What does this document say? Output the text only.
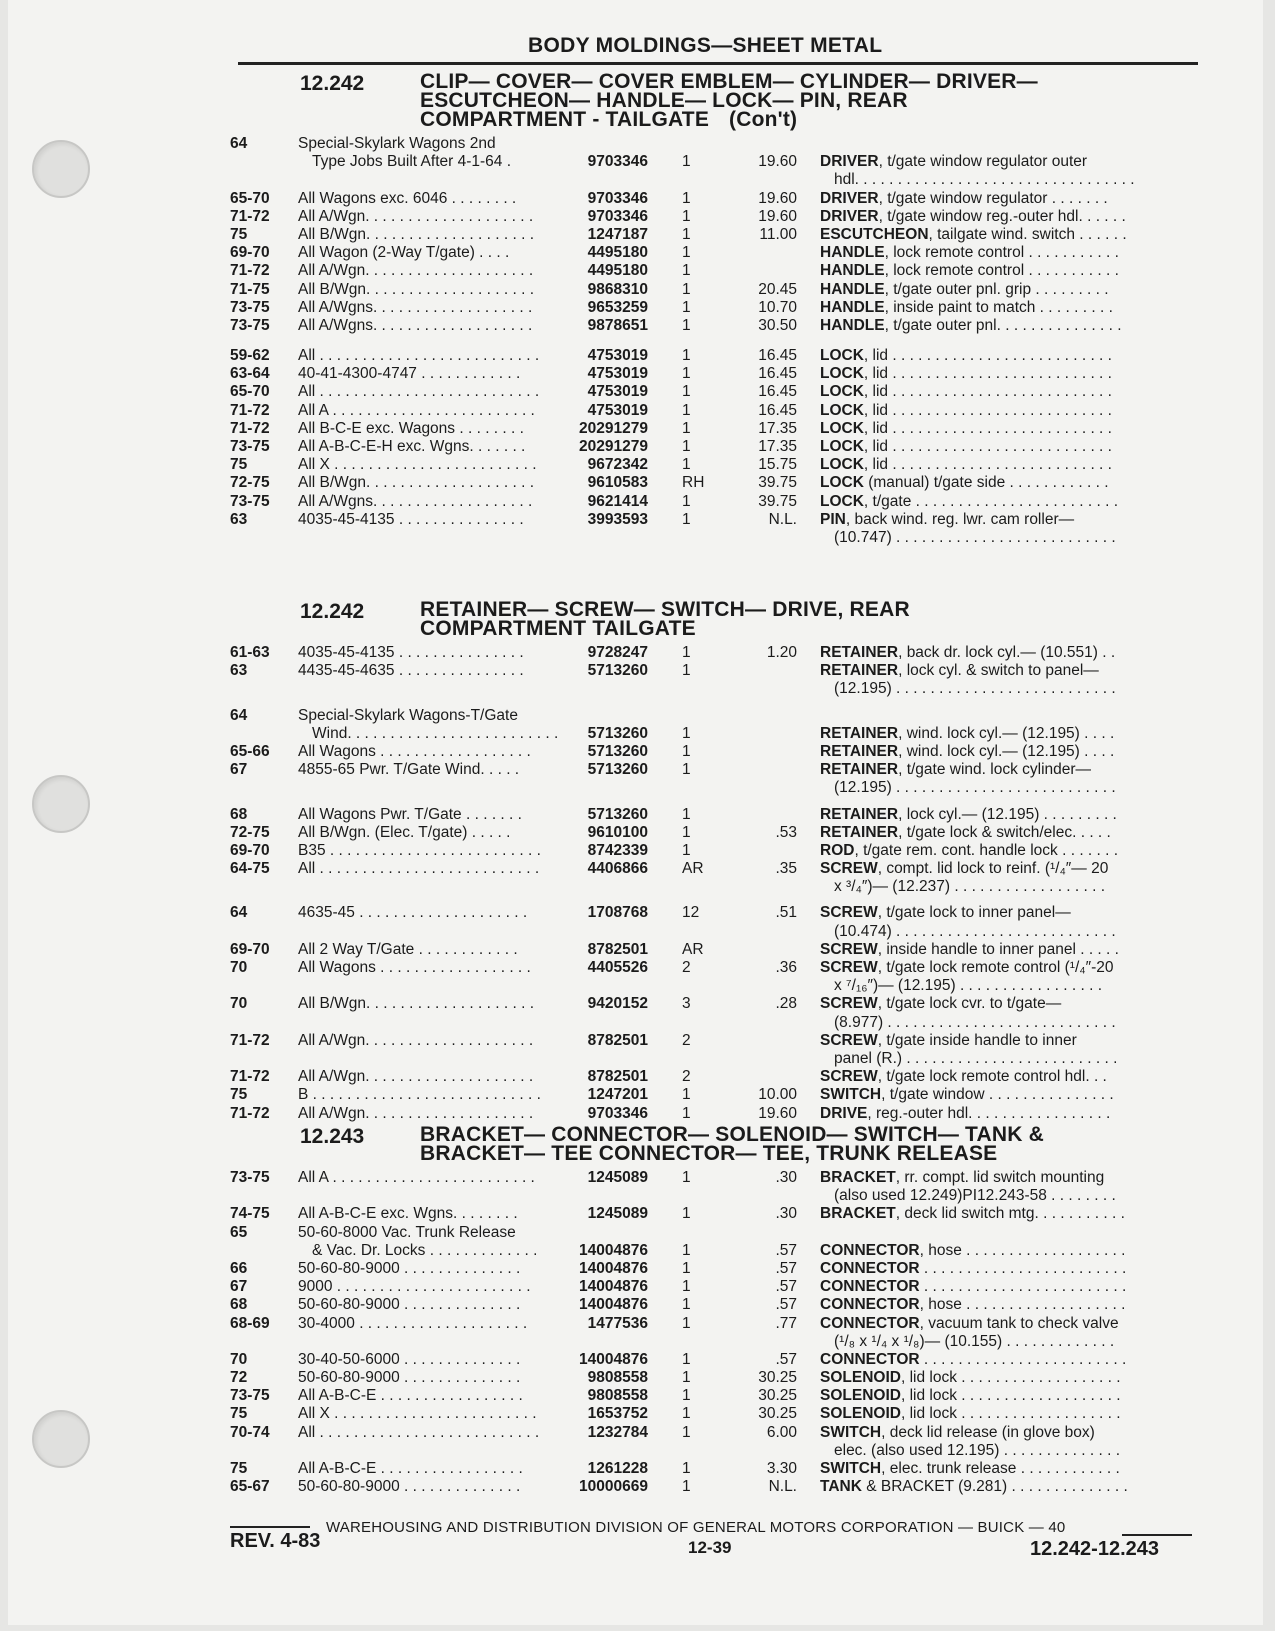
BODY MOLDINGS—SHEET METAL
12.242	CLIP— COVER— COVER EMBLEM— CYLINDER— DRIVER—
ESCUTCHEON— HANDLE— LOCK— PIN, REAR
COMPARTMENT - TAILGATE (Con't)
64	Special-Skylark Wagons 2nd
Type Jobs Built After 4-1-64 .	9703346 1	19.60 DRIVER, t/gate window regulator outer
hdl. . . . . . . . . . . . . . . . . . . . . . . . . . . . . . . . .
65-70 All Wagons exc. 6046 . . . . . . . .	9703346 1	19.60 DRIVER, t/gate window regulator . . . . . . .
71-72 All A/Wgn. . . . . . . . . . . . . . . . . . . .	9703346 1	19.60 DRIVER, t/gate window reg.-outer hdl. . . . . .
75	All B/Wgn. . . . . . . . . . . . . . . . . . . .	1247187 1	11.00 ESCUTCHEON, tailgate wind. switch . . . . . .
69-70 All Wagon (2-Way T/gate) . . . .	4495180 1	HANDLE, lock remote control . . . . . . . . . . .
71-72 All A/Wgn. . . . . . . . . . . . . . . . . . . .	4495180 1	HANDLE, lock remote control . . . . . . . . . . .
71-75 All B/Wgn. . . . . . . . . . . . . . . . . . . .	9868310 1	20.45 HANDLE, t/gate outer pnl. grip . . . . . . . . .
73-75 All A/Wgns. . . . . . . . . . . . . . . . . . .	9653259 1	10.70 HANDLE, inside paint to match . . . . . . . . .
73-75 All A/Wgns. . . . . . . . . . . . . . . . . . .	9878651 1	30.50 HANDLE, t/gate outer pnl. . . . . . . . . . . . . . .
59-62 All . . . . . . . . . . . . . . . . . . . . . . . . . .	4753019 1	16.45 LOCK, lid . . . . . . . . . . . . . . . . . . . . . . . . . .
63-64 40-41-4300-4747 . . . . . . . . . . . .	4753019 1	16.45 LOCK, lid . . . . . . . . . . . . . . . . . . . . . . . . . .
65-70 All . . . . . . . . . . . . . . . . . . . . . . . . . .	4753019 1	16.45 LOCK, lid . . . . . . . . . . . . . . . . . . . . . . . . . .
71-72 All A . . . . . . . . . . . . . . . . . . . . . . . .	4753019 1	16.45 LOCK, lid . . . . . . . . . . . . . . . . . . . . . . . . . .
71-72 All B-C-E exc. Wagons . . . . . . . .	20291279 1	17.35 LOCK, lid . . . . . . . . . . . . . . . . . . . . . . . . . .
73-75 All A-B-C-E-H exc. Wgns. . . . . . .	20291279 1	17.35 LOCK, lid . . . . . . . . . . . . . . . . . . . . . . . . . .
75	All X . . . . . . . . . . . . . . . . . . . . . . . .	9672342 1	15.75 LOCK, lid . . . . . . . . . . . . . . . . . . . . . . . . . .
72-75 All B/Wgn. . . . . . . . . . . . . . . . . . . .	9610583 RH	39.75 LOCK (manual) t/gate side . . . . . . . . . . . .
73-75 All A/Wgns. . . . . . . . . . . . . . . . . . .	9621414 1	39.75 LOCK, t/gate . . . . . . . . . . . . . . . . . . . . . . . .
63	4035-45-4135 . . . . . . . . . . . . . . .	3993593 1	N.L. PIN, back wind. reg. lwr. cam roller—
(10.747) . . . . . . . . . . . . . . . . . . . . . . . . . .
12.242	RETAINER— SCREW— SWITCH— DRIVE, REAR
COMPARTMENT TAILGATE
61-63 4035-45-4135 . . . . . . . . . . . . . . .	9728247 1	1.20 RETAINER, back dr. lock cyl.— (10.551) . .
63	4435-45-4635 . . . . . . . . . . . . . . .	5713260 1	RETAINER, lock cyl. & switch to panel—
(12.195) . . . . . . . . . . . . . . . . . . . . . . . . . .
64	Special-Skylark Wagons-T/Gate
Wind. . . . . . . . . . . . . . . . . . . . . . . . .	5713260 1	RETAINER, wind. lock cyl.— (12.195) . . . .
65-66 All Wagons . . . . . . . . . . . . . . . . . .	5713260 1	RETAINER, wind. lock cyl.— (12.195) . . . .
67	4855-65 Pwr. T/Gate Wind. . . . .	5713260 1	RETAINER, t/gate wind. lock cylinder—
(12.195) . . . . . . . . . . . . . . . . . . . . . . . . . .
68	All Wagons Pwr. T/Gate . . . . . . .	5713260 1	RETAINER, lock cyl.— (12.195) . . . . . . . . .
72-75 All B/Wgn. (Elec. T/gate) . . . . .	9610100 1	.53 RETAINER, t/gate lock & switch/elec. . . . .
69-70 B35 . . . . . . . . . . . . . . . . . . . . . . . . .	8742339 1	ROD, t/gate rem. cont. handle lock . . . . . . .
64-75 All . . . . . . . . . . . . . . . . . . . . . . . . . .	4406866 AR	.35 SCREW, compt. lid lock to reinf. (¹/₄″— 20
x ³/₄″)— (12.237) . . . . . . . . . . . . . . . . . .
64	4635-45 . . . . . . . . . . . . . . . . . . . .	1708768 12	.51 SCREW, t/gate lock to inner panel—
(10.474) . . . . . . . . . . . . . . . . . . . . . . . . . .
69-70 All 2 Way T/Gate . . . . . . . . . . . .	8782501 AR	SCREW, inside handle to inner panel . . . . .
70	All Wagons . . . . . . . . . . . . . . . . . .	4405526 2	.36 SCREW, t/gate lock remote control (¹/₄″-20
x ⁷/₁₆″)— (12.195) . . . . . . . . . . . . . . . . .
70	All B/Wgn. . . . . . . . . . . . . . . . . . . .	9420152 3	.28 SCREW, t/gate lock cvr. to t/gate—
(8.977) . . . . . . . . . . . . . . . . . . . . . . . . . . .
71-72 All A/Wgn. . . . . . . . . . . . . . . . . . . .	8782501 2	SCREW, t/gate inside handle to inner
panel (R.) . . . . . . . . . . . . . . . . . . . . . . . . .
71-72 All A/Wgn. . . . . . . . . . . . . . . . . . . .	8782501 2	SCREW, t/gate lock remote control hdl. . .
75	B . . . . . . . . . . . . . . . . . . . . . . . . . . .	1247201 1	10.00 SWITCH, t/gate window . . . . . . . . . . . . . . .
71-72 All A/Wgn. . . . . . . . . . . . . . . . . . . .	9703346 1	19.60 DRIVE, reg.-outer hdl. . . . . . . . . . . . . . . . .
12.243	BRACKET— CONNECTOR— SOLENOID— SWITCH— TANK &
BRACKET— TEE CONNECTOR— TEE, TRUNK RELEASE
73-75 All A . . . . . . . . . . . . . . . . . . . . . . . .	1245089 1	.30 BRACKET, rr. compt. lid switch mounting
(also used 12.249)PI12.243-58 . . . . . . . .
74-75 All A-B-C-E exc. Wgns. . . . . . . .	1245089 1	.30 BRACKET, deck lid switch mtg. . . . . . . . . . .
65	50-60-8000 Vac. Trunk Release
& Vac. Dr. Locks . . . . . . . . . . . . .	14004876 1	.57 CONNECTOR, hose . . . . . . . . . . . . . . . . . . .
66	50-60-80-9000 . . . . . . . . . . . . . .	14004876 1	.57 CONNECTOR . . . . . . . . . . . . . . . . . . . . . . . .
67	9000 . . . . . . . . . . . . . . . . . . . . . . .	14004876 1	.57 CONNECTOR . . . . . . . . . . . . . . . . . . . . . . . .
68	50-60-80-9000 . . . . . . . . . . . . . .	14004876 1	.57 CONNECTOR, hose . . . . . . . . . . . . . . . . . . .
68-69 30-4000 . . . . . . . . . . . . . . . . . . . .	1477536 1	.77 CONNECTOR, vacuum tank to check valve
(¹/₈ x ¹/₄ x ¹/₈)— (10.155) . . . . . . . . . . . . .
70	30-40-50-6000 . . . . . . . . . . . . . .	14004876 1	.57 CONNECTOR . . . . . . . . . . . . . . . . . . . . . . . .
72	50-60-80-9000 . . . . . . . . . . . . . .	9808558 1	30.25 SOLENOID, lid lock . . . . . . . . . . . . . . . . . . .
73-75 All A-B-C-E . . . . . . . . . . . . . . . . .	9808558 1	30.25 SOLENOID, lid lock . . . . . . . . . . . . . . . . . . .
75	All X . . . . . . . . . . . . . . . . . . . . . . . .	1653752 1	30.25 SOLENOID, lid lock . . . . . . . . . . . . . . . . . . .
70-74 All . . . . . . . . . . . . . . . . . . . . . . . . . .	1232784 1	6.00 SWITCH, deck lid release (in glove box)
elec. (also used 12.195) . . . . . . . . . . . . . .
75	All A-B-C-E . . . . . . . . . . . . . . . . .	1261228 1	3.30 SWITCH, elec. trunk release . . . . . . . . . . . .
65-67 50-60-80-9000 . . . . . . . . . . . . . .	10000669 1	N.L. TANK & BRACKET (9.281) . . . . . . . . . . . . . .
WAREHOUSING AND DISTRIBUTION DIVISION OF GENERAL MOTORS CORPORATION — BUICK — 40
REV. 4-83	12-39	12.242-12.243
